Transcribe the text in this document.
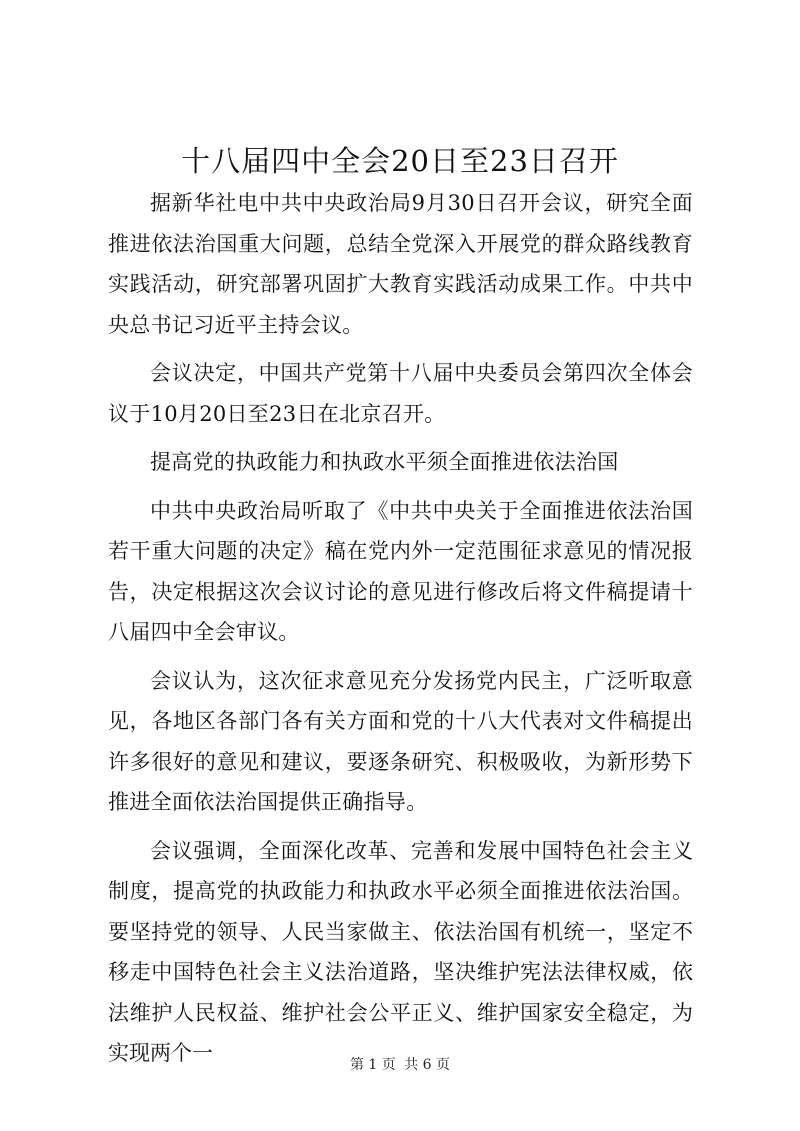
十八届四中全会20日至23日召开

据新华社电中共中央政治局9月30日召开会议，研究全面推进依法治国重大问题，总结全党深入开展党的群众路线教育实践活动，研究部署巩固扩大教育实践活动成果工作。中共中央总书记习近平主持会议。

会议决定，中国共产党第十八届中央委员会第四次全体会议于10月20日至23日在北京召开。

提高党的执政能力和执政水平须全面推进依法治国

中共中央政治局听取了《中共中央关于全面推进依法治国若干重大问题的决定》稿在党内外一定范围征求意见的情况报告，决定根据这次会议讨论的意见进行修改后将文件稿提请十八届四中全会审议。

会议认为，这次征求意见充分发扬党内民主，广泛听取意见，各地区各部门各有关方面和党的十八大代表对文件稿提出许多很好的意见和建议，要逐条研究、积极吸收，为新形势下推进全面依法治国提供正确指导。

会议强调，全面深化改革、完善和发展中国特色社会主义制度，提高党的执政能力和执政水平必须全面推进依法治国。要坚持党的领导、人民当家做主、依法治国有机统一，坚定不移走中国特色社会主义法治道路，坚决维护宪法法律权威，依法维护人民权益、维护社会公平正义、维护国家安全稳定，为实现两个一	第 1 页 共 6 页
